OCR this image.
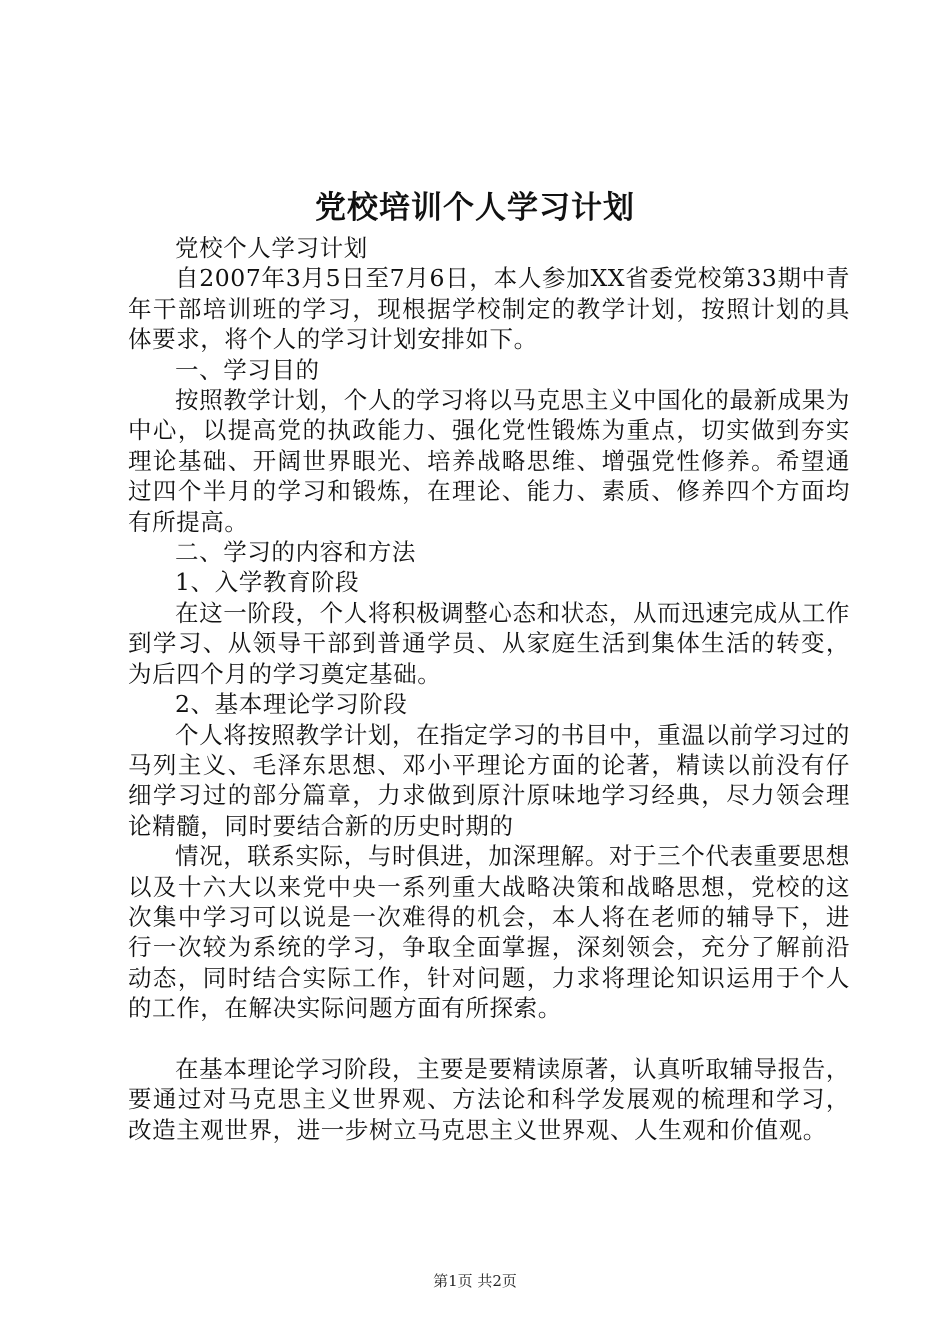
党校培训个人学习计划

党校个人学习计划

自2007年3月5日至7月6日，本人参加XX省委党校第33期中青年干部培训班的学习，现根据学校制定的教学计划，按照计划的具体要求，将个人的学习计划安排如下。

一、学习目的

按照教学计划，个人的学习将以马克思主义中国化的最新成果为中心，以提高党的执政能力、强化党性锻炼为重点，切实做到夯实理论基础、开阔世界眼光、培养战略思维、增强党性修养。希望通过四个半月的学习和锻炼，在理论、能力、素质、修养四个方面均有所提高。

二、学习的内容和方法

1、入学教育阶段

在这一阶段，个人将积极调整心态和状态，从而迅速完成从工作到学习、从领导干部到普通学员、从家庭生活到集体生活的转变，为后四个月的学习奠定基础。

2、基本理论学习阶段

个人将按照教学计划，在指定学习的书目中，重温以前学习过的马列主义、毛泽东思想、邓小平理论方面的论著，精读以前没有仔细学习过的部分篇章，力求做到原汁原味地学习经典，尽力领会理论精髓，同时要结合新的历史时期的

情况，联系实际，与时俱进，加深理解。对于三个代表重要思想以及十六大以来党中央一系列重大战略决策和战略思想，党校的这次集中学习可以说是一次难得的机会，本人将在老师的辅导下，进行一次较为系统的学习，争取全面掌握，深刻领会，充分了解前沿动态，同时结合实际工作，针对问题，力求将理论知识运用于个人的工作，在解决实际问题方面有所探索。

在基本理论学习阶段，主要是要精读原著，认真听取辅导报告，要通过对马克思主义世界观、方法论和科学发展观的梳理和学习，改造主观世界，进一步树立马克思主义世界观、人生观和价值观。

第1页 共2页
